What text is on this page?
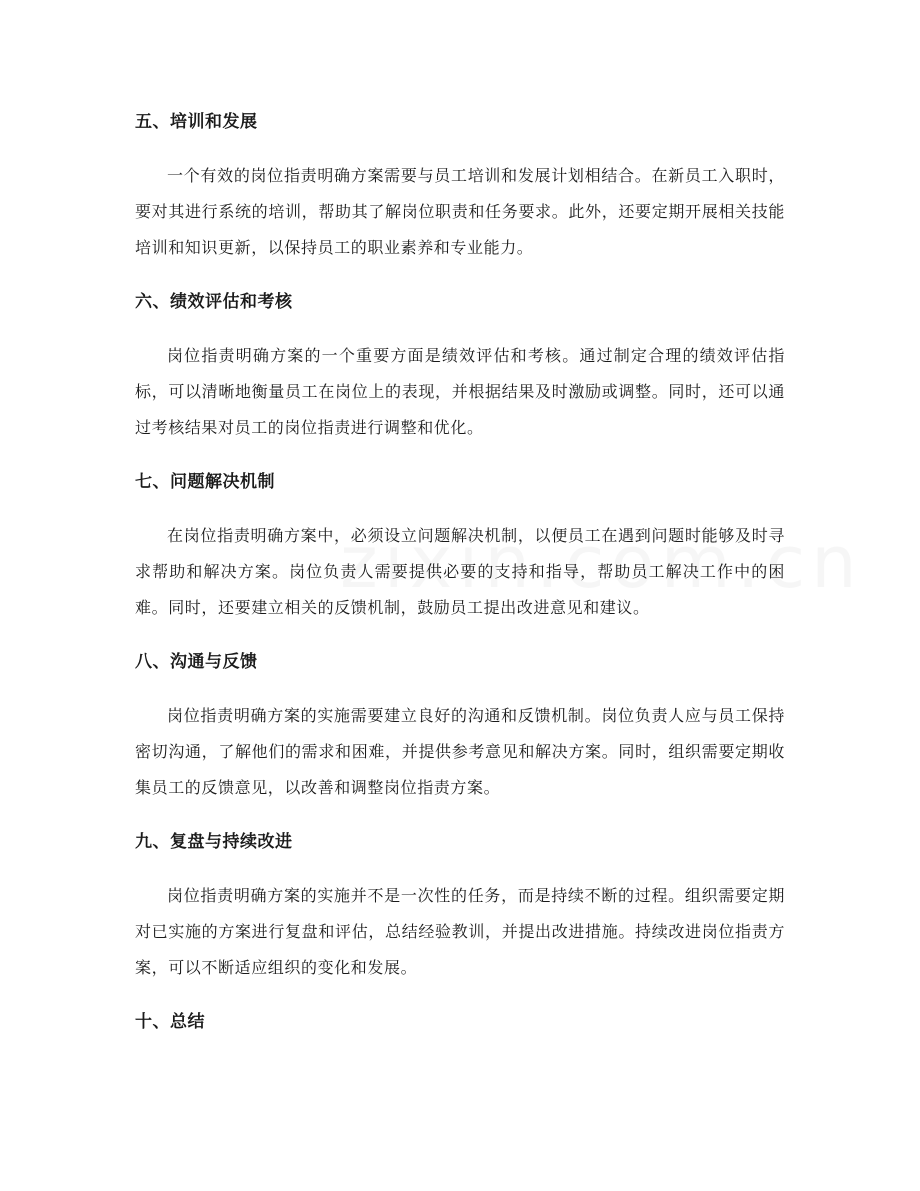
五、培训和发展

一个有效的岗位指责明确方案需要与员工培训和发展计划相结合。在新员工入职时，要对其进行系统的培训，帮助其了解岗位职责和任务要求。此外，还要定期开展相关技能培训和知识更新，以保持员工的职业素养和专业能力。

六、绩效评估和考核

岗位指责明确方案的一个重要方面是绩效评估和考核。通过制定合理的绩效评估指标，可以清晰地衡量员工在岗位上的表现，并根据结果及时激励或调整。同时，还可以通过考核结果对员工的岗位指责进行调整和优化。

七、问题解决机制

在岗位指责明确方案中，必须设立问题解决机制，以便员工在遇到问题时能够及时寻求帮助和解决方案。岗位负责人需要提供必要的支持和指导，帮助员工解决工作中的困难。同时，还要建立相关的反馈机制，鼓励员工提出改进意见和建议。

八、沟通与反馈

岗位指责明确方案的实施需要建立良好的沟通和反馈机制。岗位负责人应与员工保持密切沟通，了解他们的需求和困难，并提供参考意见和解决方案。同时，组织需要定期收集员工的反馈意见，以改善和调整岗位指责方案。

九、复盘与持续改进

岗位指责明确方案的实施并不是一次性的任务，而是持续不断的过程。组织需要定期对已实施的方案进行复盘和评估，总结经验教训，并提出改进措施。持续改进岗位指责方案，可以不断适应组织的变化和发展。

十、总结
